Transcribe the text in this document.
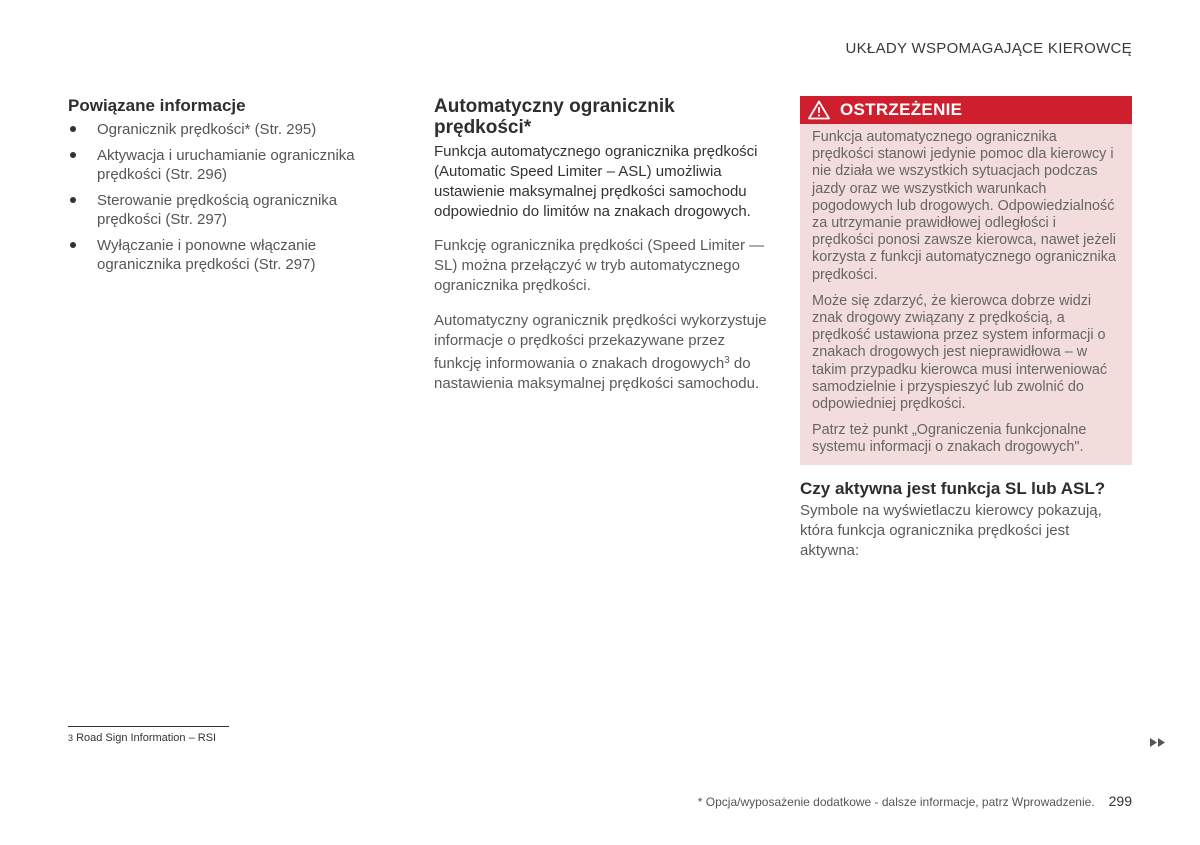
UKŁADY WSPOMAGAJĄCE KIEROWCĘ
Powiązane informacje
Ogranicznik prędkości* (Str. 295)
Aktywacja i uruchamianie ogranicznika prędkości (Str. 296)
Sterowanie prędkością ogranicznika prędkości (Str. 297)
Wyłączanie i ponowne włączanie ogranicznika prędkości (Str. 297)
Automatyczny ogranicznik prędkości*

Funkcja automatycznego ogranicznika prędkości (Automatic Speed Limiter – ASL) umożliwia ustawienie maksymalnej prędkości samochodu odpowiednio do limitów na znakach drogowych.

Funkcję ogranicznika prędkości (Speed Limiter — SL) można przełączyć w tryb automatycznego ogranicznika prędkości.

Automatyczny ogranicznik prędkości wykorzystuje informacje o prędkości przekazywane przez funkcję informowania o znakach drogowych$^3$ do nastawienia maksymalnej prędkości samochodu.

OSTRZEŻENIE

Funkcja automatycznego ogranicznika prędkości stanowi jedynie pomoc dla kierowcy i nie działa we wszystkich sytuacjach podczas jazdy oraz we wszystkich warunkach pogodowych lub drogowych. Odpowiedzialność za utrzymanie prawidłowej odległości i prędkości ponosi zawsze kierowca, nawet jeżeli korzysta z funkcji automatycznego ogranicznika prędkości.

Może się zdarzyć, że kierowca dobrze widzi znak drogowy związany z prędkością, a prędkość ustawiona przez system informacji o znakach drogowych jest nieprawidłowa – w takim przypadku kierowca musi interweniować samodzielnie i przyspieszyć lub zwolnić do odpowiedniej prędkości.

Patrz też punkt „Ograniczenia funkcjonalne systemu informacji o znakach drogowych".

Czy aktywna jest funkcja SL lub ASL?

Symbole na wyświetlaczu kierowcy pokazują, która funkcja ogranicznika prędkości jest aktywna:

3 Road Sign Information – RSI
* Opcja/wyposażenie dodatkowe - dalsze informacje, patrz Wprowadzenie. 299
